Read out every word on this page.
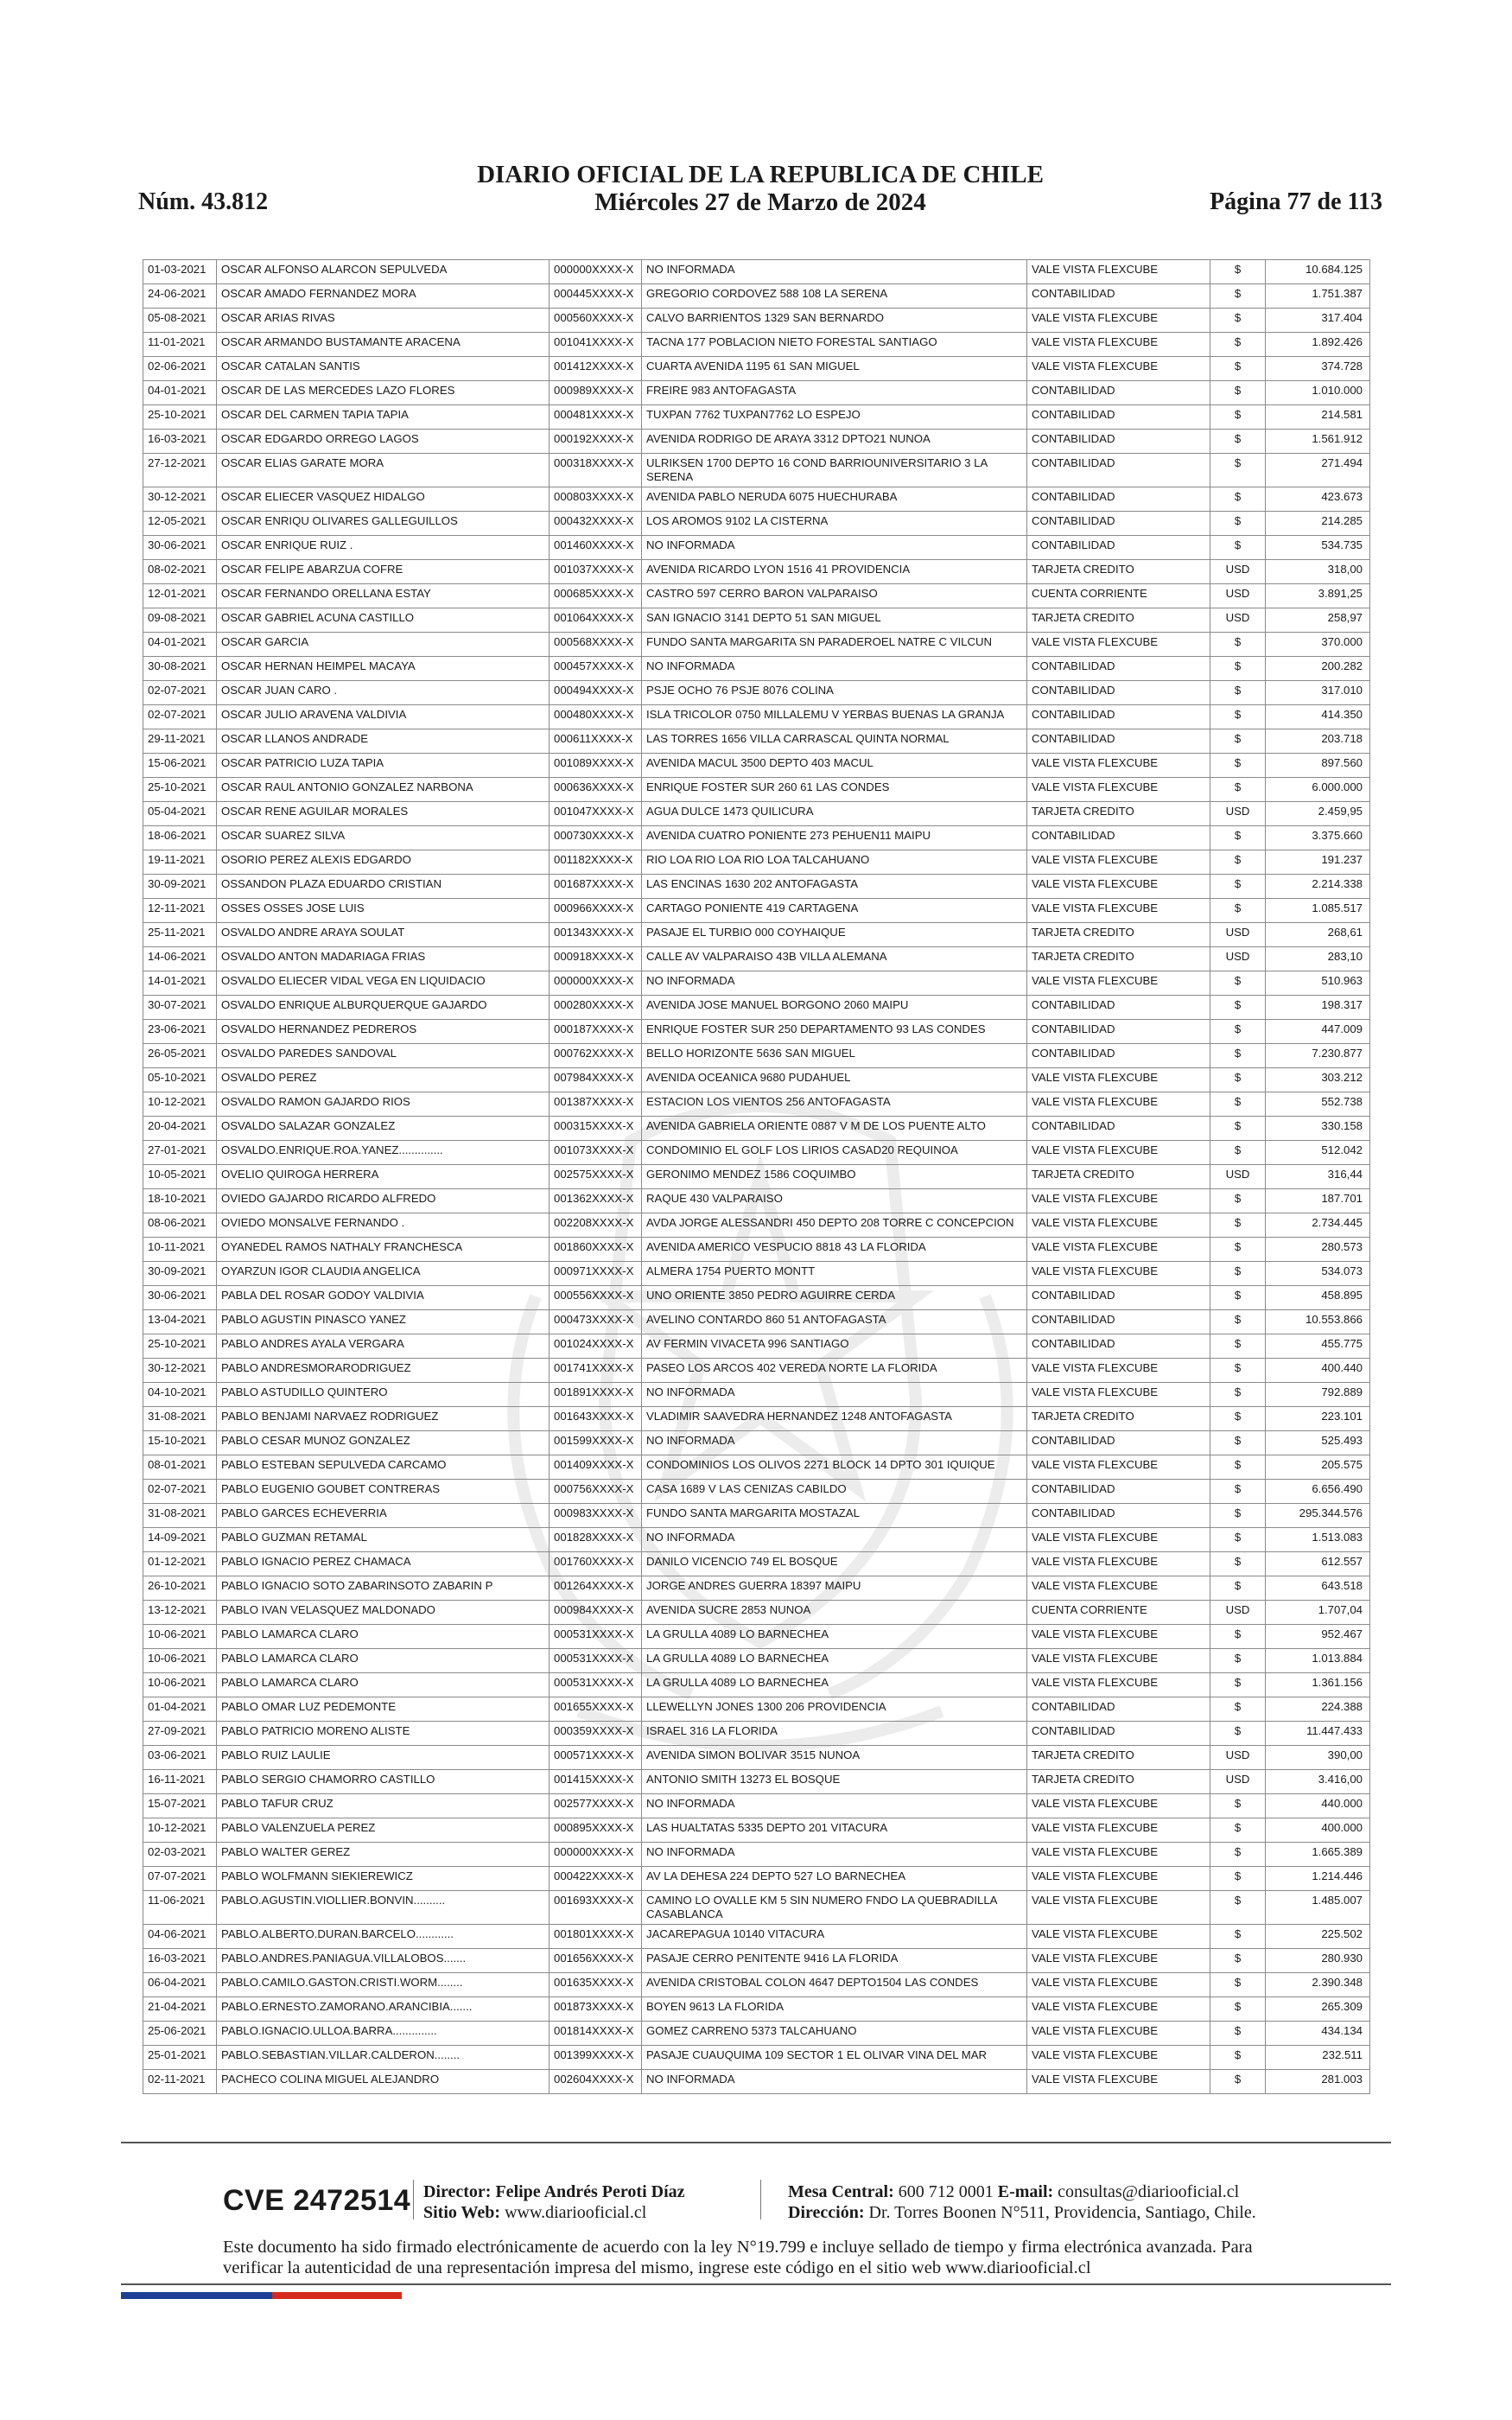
Núm. 43.812
DIARIO OFICIAL DE LA REPUBLICA DE CHILE
Miércoles 27 de Marzo de 2024	Página 77 de 113
01-03-2021	OSCAR ALFONSO ALARCON SEPULVEDA	000000XXXX-X	NO INFORMADA	VALE VISTA FLEXCUBE	$	10.684.125
24-06-2021	OSCAR AMADO FERNANDEZ MORA	000445XXXX-X	GREGORIO CORDOVEZ 588 108 LA SERENA	CONTABILIDAD	$	1.751.387
05-08-2021	OSCAR ARIAS RIVAS	000560XXXX-X	CALVO BARRIENTOS 1329 SAN BERNARDO	VALE VISTA FLEXCUBE	$	317.404
11-01-2021	OSCAR ARMANDO BUSTAMANTE ARACENA	001041XXXX-X	TACNA 177 POBLACION NIETO FORESTAL SANTIAGO	VALE VISTA FLEXCUBE	$	1.892.426
02-06-2021	OSCAR CATALAN SANTIS	001412XXXX-X	CUARTA AVENIDA 1195 61 SAN MIGUEL	VALE VISTA FLEXCUBE	$	374.728
04-01-2021	OSCAR DE LAS MERCEDES LAZO FLORES	000989XXXX-X	FREIRE 983 ANTOFAGASTA	CONTABILIDAD	$	1.010.000
25-10-2021	OSCAR DEL CARMEN TAPIA TAPIA	000481XXXX-X	TUXPAN 7762 TUXPAN7762 LO ESPEJO	CONTABILIDAD	$	214.581
16-03-2021	OSCAR EDGARDO ORREGO LAGOS	000192XXXX-X	AVENIDA RODRIGO DE ARAYA 3312 DPTO21 NUNOA	CONTABILIDAD	$	1.561.912
27-12-2021	OSCAR ELIAS GARATE MORA	000318XXXX-X	ULRIKSEN 1700 DEPTO 16 COND BARRIOUNIVERSITARIO 3 LA SERENA	CONTABILIDAD	$	271.494
30-12-2021	OSCAR ELIECER VASQUEZ HIDALGO	000803XXXX-X	AVENIDA PABLO NERUDA 6075 HUECHURABA	CONTABILIDAD	$	423.673
12-05-2021	OSCAR ENRIQU OLIVARES GALLEGUILLOS	000432XXXX-X	LOS AROMOS 9102 LA CISTERNA	CONTABILIDAD	$	214.285
30-06-2021	OSCAR ENRIQUE RUIZ .	001460XXXX-X	NO INFORMADA	CONTABILIDAD	$	534.735
08-02-2021	OSCAR FELIPE ABARZUA COFRE	001037XXXX-X	AVENIDA RICARDO LYON 1516 41 PROVIDENCIA	TARJETA CREDITO	USD	318,00
12-01-2021	OSCAR FERNANDO ORELLANA ESTAY	000685XXXX-X	CASTRO 597 CERRO BARON VALPARAISO	CUENTA CORRIENTE	USD	3.891,25
09-08-2021	OSCAR GABRIEL ACUNA CASTILLO	001064XXXX-X	SAN IGNACIO 3141 DEPTO 51 SAN MIGUEL	TARJETA CREDITO	USD	258,97
04-01-2021	OSCAR GARCIA	000568XXXX-X	FUNDO SANTA MARGARITA SN PARADEROEL NATRE C VILCUN	VALE VISTA FLEXCUBE	$	370.000
30-08-2021	OSCAR HERNAN HEIMPEL MACAYA	000457XXXX-X	NO INFORMADA	CONTABILIDAD	$	200.282
02-07-2021	OSCAR JUAN CARO .	000494XXXX-X	PSJE OCHO 76 PSJE 8076 COLINA	CONTABILIDAD	$	317.010
02-07-2021	OSCAR JULIO ARAVENA VALDIVIA	000480XXXX-X	ISLA TRICOLOR 0750 MILLALEMU V YERBAS BUENAS LA GRANJA	CONTABILIDAD	$	414.350
29-11-2021	OSCAR LLANOS ANDRADE	000611XXXX-X	LAS TORRES 1656 VILLA CARRASCAL QUINTA NORMAL	CONTABILIDAD	$	203.718
15-06-2021	OSCAR PATRICIO LUZA TAPIA	001089XXXX-X	AVENIDA MACUL 3500 DEPTO 403 MACUL	VALE VISTA FLEXCUBE	$	897.560
25-10-2021	OSCAR RAUL ANTONIO GONZALEZ NARBONA	000636XXXX-X	ENRIQUE FOSTER SUR 260 61 LAS CONDES	VALE VISTA FLEXCUBE	$	6.000.000
05-04-2021	OSCAR RENE AGUILAR MORALES	001047XXXX-X	AGUA DULCE 1473 QUILICURA	TARJETA CREDITO	USD	2.459,95
18-06-2021	OSCAR SUAREZ SILVA	000730XXXX-X	AVENIDA CUATRO PONIENTE 273 PEHUEN11 MAIPU	CONTABILIDAD	$	3.375.660
19-11-2021	OSORIO PEREZ ALEXIS EDGARDO	001182XXXX-X	RIO LOA RIO LOA RIO LOA TALCAHUANO	VALE VISTA FLEXCUBE	$	191.237
30-09-2021	OSSANDON PLAZA EDUARDO CRISTIAN	001687XXXX-X	LAS ENCINAS 1630 202 ANTOFAGASTA	VALE VISTA FLEXCUBE	$	2.214.338
12-11-2021	OSSES OSSES JOSE LUIS	000966XXXX-X	CARTAGO PONIENTE 419 CARTAGENA	VALE VISTA FLEXCUBE	$	1.085.517
25-11-2021	OSVALDO ANDRE ARAYA SOULAT	001343XXXX-X	PASAJE EL TURBIO 000 COYHAIQUE	TARJETA CREDITO	USD	268,61
14-06-2021	OSVALDO ANTON MADARIAGA FRIAS	000918XXXX-X	CALLE AV VALPARAISO 43B VILLA ALEMANA	TARJETA CREDITO	USD	283,10
14-01-2021	OSVALDO ELIECER VIDAL VEGA EN LIQUIDACIO	000000XXXX-X	NO INFORMADA	VALE VISTA FLEXCUBE	$	510.963
30-07-2021	OSVALDO ENRIQUE ALBURQUERQUE GAJARDO	000280XXXX-X	AVENIDA JOSE MANUEL BORGONO 2060 MAIPU	CONTABILIDAD	$	198.317
23-06-2021	OSVALDO HERNANDEZ PEDREROS	000187XXXX-X	ENRIQUE FOSTER SUR 250 DEPARTAMENTO 93 LAS CONDES	CONTABILIDAD	$	447.009
26-05-2021	OSVALDO PAREDES SANDOVAL	000762XXXX-X	BELLO HORIZONTE 5636 SAN MIGUEL	CONTABILIDAD	$	7.230.877
05-10-2021	OSVALDO PEREZ	007984XXXX-X	AVENIDA OCEANICA 9680 PUDAHUEL	VALE VISTA FLEXCUBE	$	303.212
10-12-2021	OSVALDO RAMON GAJARDO RIOS	001387XXXX-X	ESTACION LOS VIENTOS 256 ANTOFAGASTA	VALE VISTA FLEXCUBE	$	552.738
20-04-2021	OSVALDO SALAZAR GONZALEZ	000315XXXX-X	AVENIDA GABRIELA ORIENTE 0887 V M DE LOS PUENTE ALTO	CONTABILIDAD	$	330.158
27-01-2021	OSVALDO.ENRIQUE.ROA.YANEZ..............	001073XXXX-X	CONDOMINIO EL GOLF LOS LIRIOS CASAD20 REQUINOA	VALE VISTA FLEXCUBE	$	512.042
10-05-2021	OVELIO QUIROGA HERRERA	002575XXXX-X	GERONIMO MENDEZ 1586 COQUIMBO	TARJETA CREDITO	USD	316,44
18-10-2021	OVIEDO GAJARDO RICARDO ALFREDO	001362XXXX-X	RAQUE 430 VALPARAISO	VALE VISTA FLEXCUBE	$	187.701
08-06-2021	OVIEDO MONSALVE FERNANDO .	002208XXXX-X	AVDA JORGE ALESSANDRI 450 DEPTO 208 TORRE C CONCEPCION	VALE VISTA FLEXCUBE	$	2.734.445
10-11-2021	OYANEDEL RAMOS NATHALY FRANCHESCA	001860XXXX-X	AVENIDA AMERICO VESPUCIO 8818 43 LA FLORIDA	VALE VISTA FLEXCUBE	$	280.573
30-09-2021	OYARZUN IGOR CLAUDIA ANGELICA	000971XXXX-X	ALMERA 1754 PUERTO MONTT	VALE VISTA FLEXCUBE	$	534.073
30-06-2021	PABLA DEL ROSAR GODOY VALDIVIA	000556XXXX-X	UNO ORIENTE 3850 PEDRO AGUIRRE CERDA	CONTABILIDAD	$	458.895
13-04-2021	PABLO AGUSTIN PINASCO YANEZ	000473XXXX-X	AVELINO CONTARDO 860 51 ANTOFAGASTA	CONTABILIDAD	$	10.553.866
25-10-2021	PABLO ANDRES AYALA VERGARA	001024XXXX-X	AV FERMIN VIVACETA 996 SANTIAGO	CONTABILIDAD	$	455.775
30-12-2021	PABLO ANDRESMORARODRIGUEZ	001741XXXX-X	PASEO LOS ARCOS 402 VEREDA NORTE LA FLORIDA	VALE VISTA FLEXCUBE	$	400.440
04-10-2021	PABLO ASTUDILLO QUINTERO	001891XXXX-X	NO INFORMADA	VALE VISTA FLEXCUBE	$	792.889
31-08-2021	PABLO BENJAMI NARVAEZ RODRIGUEZ	001643XXXX-X	VLADIMIR SAAVEDRA HERNANDEZ 1248 ANTOFAGASTA	TARJETA CREDITO	$	223.101
15-10-2021	PABLO CESAR MUNOZ GONZALEZ	001599XXXX-X	NO INFORMADA	CONTABILIDAD	$	525.493
08-01-2021	PABLO ESTEBAN SEPULVEDA CARCAMO	001409XXXX-X	CONDOMINIOS LOS OLIVOS 2271 BLOCK 14 DPTO 301 IQUIQUE	VALE VISTA FLEXCUBE	$	205.575
02-07-2021	PABLO EUGENIO GOUBET CONTRERAS	000756XXXX-X	CASA 1689 V LAS CENIZAS CABILDO	CONTABILIDAD	$	6.656.490
31-08-2021	PABLO GARCES ECHEVERRIA	000983XXXX-X	FUNDO SANTA MARGARITA MOSTAZAL	CONTABILIDAD	$	295.344.576
14-09-2021	PABLO GUZMAN RETAMAL	001828XXXX-X	NO INFORMADA	VALE VISTA FLEXCUBE	$	1.513.083
01-12-2021	PABLO IGNACIO PEREZ CHAMACA	001760XXXX-X	DANILO VICENCIO 749 EL BOSQUE	VALE VISTA FLEXCUBE	$	612.557
26-10-2021	PABLO IGNACIO SOTO ZABARINSOTO ZABARIN P	001264XXXX-X	JORGE ANDRES GUERRA 18397 MAIPU	VALE VISTA FLEXCUBE	$	643.518
13-12-2021	PABLO IVAN VELASQUEZ MALDONADO	000984XXXX-X	AVENIDA SUCRE 2853 NUNOA	CUENTA CORRIENTE	USD	1.707,04
10-06-2021	PABLO LAMARCA CLARO	000531XXXX-X	LA GRULLA 4089 LO BARNECHEA	VALE VISTA FLEXCUBE	$	952.467
10-06-2021	PABLO LAMARCA CLARO	000531XXXX-X	LA GRULLA 4089 LO BARNECHEA	VALE VISTA FLEXCUBE	$	1.013.884
10-06-2021	PABLO LAMARCA CLARO	000531XXXX-X	LA GRULLA 4089 LO BARNECHEA	VALE VISTA FLEXCUBE	$	1.361.156
01-04-2021	PABLO OMAR LUZ PEDEMONTE	001655XXXX-X	LLEWELLYN JONES 1300 206 PROVIDENCIA	CONTABILIDAD	$	224.388
27-09-2021	PABLO PATRICIO MORENO ALISTE	000359XXXX-X	ISRAEL 316 LA FLORIDA	CONTABILIDAD	$	11.447.433
03-06-2021	PABLO RUIZ LAULIE	000571XXXX-X	AVENIDA SIMON BOLIVAR 3515 NUNOA	TARJETA CREDITO	USD	390,00
16-11-2021	PABLO SERGIO CHAMORRO CASTILLO	001415XXXX-X	ANTONIO SMITH 13273 EL BOSQUE	TARJETA CREDITO	USD	3.416,00
15-07-2021	PABLO TAFUR CRUZ	002577XXXX-X	NO INFORMADA	VALE VISTA FLEXCUBE	$	440.000
10-12-2021	PABLO VALENZUELA PEREZ	000895XXXX-X	LAS HUALTATAS 5335 DEPTO 201 VITACURA	VALE VISTA FLEXCUBE	$	400.000
02-03-2021	PABLO WALTER GEREZ	000000XXXX-X	NO INFORMADA	VALE VISTA FLEXCUBE	$	1.665.389
07-07-2021	PABLO WOLFMANN SIEKIEREWICZ	000422XXXX-X	AV LA DEHESA 224 DEPTO 527 LO BARNECHEA	VALE VISTA FLEXCUBE	$	1.214.446
11-06-2021	PABLO.AGUSTIN.VIOLLIER.BONVIN..........	001693XXXX-X	CAMINO LO OVALLE KM 5 SIN NUMERO FNDO LA QUEBRADILLA CASABLANCA	VALE VISTA FLEXCUBE	$	1.485.007
04-06-2021	PABLO.ALBERTO.DURAN.BARCELO............	001801XXXX-X	JACAREPAGUA 10140 VITACURA	VALE VISTA FLEXCUBE	$	225.502
16-03-2021	PABLO.ANDRES.PANIAGUA.VILLALOBOS.......	001656XXXX-X	PASAJE CERRO PENITENTE 9416 LA FLORIDA	VALE VISTA FLEXCUBE	$	280.930
06-04-2021	PABLO.CAMILO.GASTON.CRISTI.WORM........	001635XXXX-X	AVENIDA CRISTOBAL COLON 4647 DEPTO1504 LAS CONDES	VALE VISTA FLEXCUBE	$	2.390.348
21-04-2021	PABLO.ERNESTO.ZAMORANO.ARANCIBIA.......	001873XXXX-X	BOYEN 9613 LA FLORIDA	VALE VISTA FLEXCUBE	$	265.309
25-06-2021	PABLO.IGNACIO.ULLOA.BARRA..............	001814XXXX-X	GOMEZ CARRENO 5373 TALCAHUANO	VALE VISTA FLEXCUBE	$	434.134
25-01-2021	PABLO.SEBASTIAN.VILLAR.CALDERON........	001399XXXX-X	PASAJE CUAUQUIMA 109 SECTOR 1 EL OLIVAR VINA DEL MAR	VALE VISTA FLEXCUBE	$	232.511
02-11-2021	PACHECO COLINA MIGUEL ALEJANDRO	002604XXXX-X	NO INFORMADA	VALE VISTA FLEXCUBE	$	281.003
CVE 2472514 Director: Felipe Andrés Peroti Díaz
Sitio Web: www.diariooficial.cl
Mesa Central: 600 712 0001 E-mail: consultas@diariooficial.cl
Dirección: Dr. Torres Boonen N°511, Providencia, Santiago, Chile.
Este documento ha sido firmado electrónicamente de acuerdo con la ley N°19.799 e incluye sellado de tiempo y firma electrónica avanzada. Para verificar la autenticidad de una representación impresa del mismo, ingrese este código en el sitio web www.diariooficial.cl
